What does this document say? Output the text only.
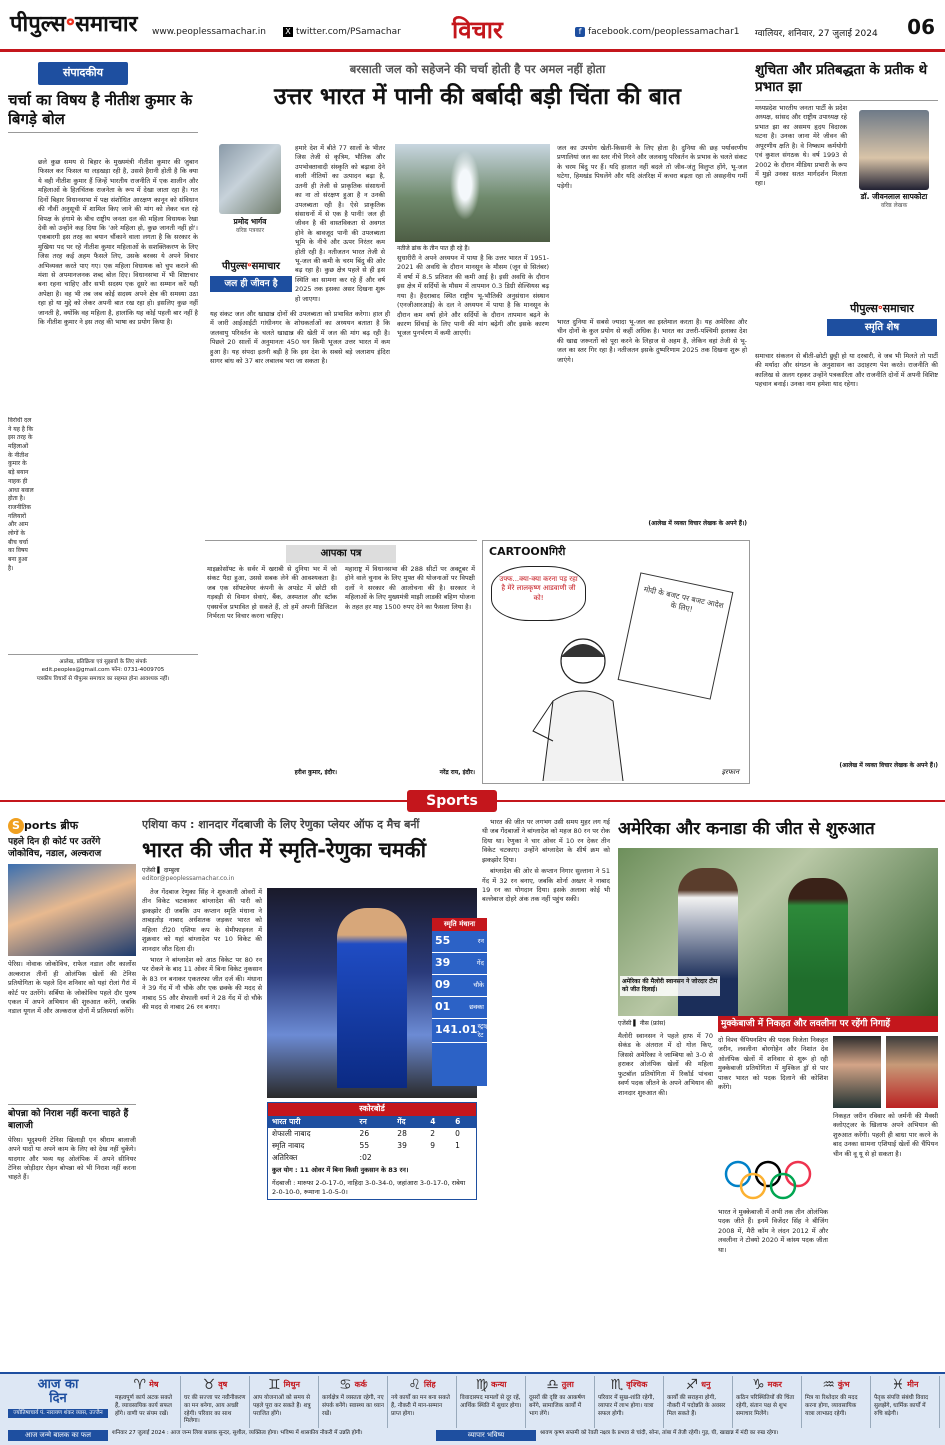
पीपुल्स॰समाचार www.peoplessamachar.in X twitter.com/PSamachar विचार	f facebook.com/peoplessamachar1 ग्वालियर, शनिवार, 27 जुलाई 2024 06
संपादकीय
चर्चा का विषय है नीतीश कुमार के बिगड़े बोल
छले कुछ समय से बिहार के मुख्यमंत्री नीतीश कुमार की जुबान फिसल कर फिसल या लड़खड़ा रही है, उससे हैरानी होती है कि क्या ये वही नीतीश कुमार हैं जिन्हें भारतीय राजनीति में एक शालीन और महिलाओं के हितचिंतक राजनेता के रूप में देखा जाता रहा है। गत दिनों बिहार विधानसभा में पक्ष संशोधित आरक्षण कानून को संविधान की नौवीं अनुसूची में शामिल किए जाने की मांग को लेकर चल रहे विपक्ष के हंगामे के बीच राष्ट्रीय जनता दल की महिला विधायक रेखा देवी को उन्होंने कह दिया कि 'अरे महिला हो, कुछ जानती नहीं हो'। एकबारगी इस तरह का बयान चौंकाने वाला लगता है कि सरकार के मुखिया पद पर रहे नीतीश कुमार महिलाओं के सशक्तिकरण के लिए जिस तरह कई अहम फैसले लिए, उसके बरक्स ये अपने विचार अभिव्यक्त करते पाए गए। एक महिला विधायक को चुप कराने की मंशा से अपमानजनक शब्द बोल दिए। विधानसभा में भी शिष्टाचार बना रहना चाहिए और सभी सदस्य एक दूसरे का सम्मान करें यही अपेक्षा है। वह भी तब जब कोई सदस्य अपने क्षेत्र की समस्या उठा रहा हो या मुद्दे को लेकर अपनी बात रख रहा हो। इसलिए कुछ नहीं जानती है, क्योंकि वह महिला है, हालांकि यह कोई पहली बार नहीं है कि नीतीश कुमार ने इस तरह की भाषा का प्रयोग किया है।
विरोधी दल ने यह है कि इस तरह के महिलाओं के नीतीश कुमार के बड़े बयान नाहक ही आधा बवाल होता है। राजनीतिक गलियारों और आम लोगों के बीच चर्चा का विषय बना हुआ है।
आलेख, प्रतिक्रिया एवं सुझावों के लिए संपर्क
edit.peoples@gmail.com फोन: 0731-4009705
पत्रकीय विचारों से पीपुल्स समाचार का सहमत होना आवश्यक नहीं।
बरसाती जल को सहेजने की चर्चा होती है पर अमल नहीं होता
उत्तर भारत में पानी की बर्बादी बड़ी चिंता की बात
प्रमोद भार्गव
वरिष्ठ पत्रकार
हमारे देश में बीते 77 सालों के भीतर जिस तेजी से कृत्रिम, भौतिक और उपभोक्तावादी संस्कृति को बढ़ावा देने वाली नीतियों का उत्पादन बढ़ा है, उतनी ही तेजी से प्राकृतिक संसाधनों का ना तो संरक्षण हुआ है न उनकी उपलब्धता रही है। ऐसे प्राकृतिक संसाधनों में से एक है पानी! जल ही जीवन है की वास्तविकता से अवगत होने के बावजूद पानी की उपलब्धता भूमि के नीचे और ऊपर निरंतर कम होती रही है। नतीजतन भारत तेजी से भू-जल की कमी के चरम बिंदु की ओर बढ़ रहा है। कुछ क्षेत्र पहले से ही इस स्थिति का सामना कर रहे हैं और वर्ष 2025 तक इसका असर दिखना शुरू हो जाएगा।
नतीजे ढांक के तीन पात ही रहे हैं।
पीपुल्स॰समाचार
जल ही जीवन है
यह संकट जल और खाद्यान्न दोनों की उपलब्धता को प्रभावित करेगा। हाल ही में जारी आईआईटी गांधीनगर के शोधकर्ताओं का अध्ययन बताता है कि जलवायु परिवर्तन के चलते खाद्यान्न की खेती में जल की मांग बढ़ रही है। पिछले 20 सालों में अनुमानतः 450 घन किमी भूजल उत्तर भारत में कम हुआ है। यह संपदा इतनी बड़ी है कि इस देश के सबसे बड़े जलाशय इंदिरा सागर बांध को 37 बार लबालब भरा जा सकता है।
सुधारीरी ने अपने अध्ययन में पाया है कि उत्तर भारत में 1951-2021 की अवधि के दौरान मानसून के मौसम (जून से सितंबर) में वर्षा में 8.5 प्रतिशत की कमी आई है। इसी अवधि के दौरान इस क्षेत्र में सर्दियों के मौसम में तापमान 0.3 डिग्री सेल्सियस बढ़ गया है। हैदराबाद स्थित राष्ट्रीय भू-भौतिकी अनुसंधान संस्थान (एनजीआरआई) के दल ने अध्ययन में पाया है कि मानसून के दौरान कम वर्षा होने और सर्दियों के दौरान तापमान बढ़ने के कारण सिंचाई के लिए पानी की मांग बढ़ेगी और इसके कारण भूजल पुनर्भरण में कमी आएगी।
जल का उपयोग खेती-किसानी के लिए होता है। दुनिया की छह पर्यावरणीय प्रणालियां जल का स्तर नीचे गिरने और जलवायु परिवर्तन के प्रभाव के चलते संकट के चरम बिंदु पर हैं। यदि हालात नहीं बदले तो जीव-जंतु विलुप्त होंगे, भू-जल घटेगा, हिमखंड पिघलेंगे और यदि अंतरिक्ष में कचरा बढ़ता रहा तो असहनीय गर्मी पड़ेगी।
भारत दुनिया में सबसे ज्यादा भू-जल का इस्तेमाल करता है। यह अमेरिका और चीन दोनों के कुल प्रयोग से कहीं अधिक है। भारत का उत्तरी-पश्चिमी इलाका देश की खाद्य जरूरतों को पूरा करने के लिहाज से अहम है, लेकिन वहां तेजी से भू-जल का स्तर गिर रहा है। नतीजतन इसके दुष्परिणाम 2025 तक दिखना शुरू हो जाएंगे।
(आलेख में व्यक्त विचार लेखक के अपने हैं।)
आपका पत्र
माइक्रोसॉफ्ट के सर्वर में खराबी से दुनिया भर में जो संकट पैदा हुआ, उससे सबक लेने की आवश्यकता है। जब एक सॉफ्टवेयर कंपनी के अपडेट में छोटी सी गड़बड़ी से विमान सेवाएं, बैंक, अस्पताल और स्टॉक एक्सचेंज प्रभावित हो सकते हैं, तो हमें अपनी डिजिटल निर्भरता पर विचार करना चाहिए।
हरीश कुमार, इंदौर।
महाराष्ट्र में विधानसभा की 288 सीटों पर अक्टूबर में होने वाले चुनाव के लिए मुफ्त की योजनाओं पर विपक्षी दलों ने सरकार की आलोचना की है। सरकार ने महिलाओं के लिए मुख्यमंत्री माझी लाडकी बहिण योजना के तहत हर माह 1500 रुपए देने का फैसला लिया है।
नरेंद्र राय, इंदौर।
CARTOONगिरी
उफ्फ...क्या-क्या करना पड़ रहा है मेरे लालकृष्ण आडवाणी जी को!	मोदी के बजट पर बजट आदेश के लिए!
इरफान
शुचिता और प्रतिबद्धता के प्रतीक थे प्रभात झा
मध्यप्रदेश भारतीय जनता पार्टी के प्रदेश अध्यक्ष, सांसद और राष्ट्रीय उपाध्यक्ष रहे प्रभात झा का असमय हृदय विदारक घटना है। उनका जाना मेरे जीवन की अपूरणीय क्षति है। वे निष्काम कर्मयोगी एवं कुशल संगठक थे। वर्ष 1993 से 2002 के दौरान मीडिया प्रभारी के रूप में मुझे उनका सतत मार्गदर्शन मिलता रहा।
डॉ. जीवनलाल सापकोटा
वरिष्ठ लेखक
पीपुल्स॰समाचार
स्मृति शेष
समाचार संकलन से बीती-छोटी छुट्टी हो या दरबारी, वे जब भी मिलते तो पार्टी की मर्यादा और संगठन के अनुशासन का उदाहरण पेश करते। राजनीति की कालिख से अलग रहकर उन्होंने पत्रकारिता और राजनीति दोनों में अपनी विशिष्ट पहचान बनाई। उनका नाम हमेशा याद रहेगा।
(आलेख में व्यक्त विचार लेखक के अपने हैं।)
Sports
S ports ब्रीफ
पहले दिन ही कोर्ट पर उतरेंगे जोकोविच, नडाल, अल्कराज
पेरिस। नोवाक जोकोविच, राफेल नडाल और कार्लोस अल्कराज तीनों ही ओलंपिक खेलों की टेनिस प्रतियोगिता के पहले दिन शनिवार को यहां रोलां गैरां में कोर्ट पर उतरेंगे। सर्बिया के जोकोविच पहले दौर पुरुष एकल में अपने अभियान की शुरुआत करेंगे, जबकि नडाल यूगल में और अल्कराज दोनों में प्रतिस्पर्धा करेंगे।
बोपन्ना को निराश नहीं करना चाहते हैं बालाजी
पेरिस। भूदृश्यनी टेनिस खिलाड़ी एन श्रीराम बालाजी अपने यादों या अपने काम के लिए को देख नहीं चुकेंगे। यादगार और भव्य यह ओलंपिक में अपने सीनियर टेनिस जोड़ीदार रोहन बोपन्ना को भी निराश नहीं करना चाहते हैं।
एशिया कप : शानदार गेंदबाजी के लिए रेणुका प्लेयर ऑफ द मैच बनीं
भारत की जीत में स्मृति-रेणुका चमकीं
एजेंसी ▌ दाम्बुला
editor@peoplessamachar.co.in

तेज गेंदबाज रेणुका सिंह ने शुरुआती ओवरों में तीन विकेट चटकाकर बांग्लादेश की पारी को झकझोर दी जबकि उप कप्तान स्मृति मंधाना ने ताबड़तोड़ नाबाद अर्धशतक जड़कर भारत को महिला टी20 एशिया कप के सेमीफाइनल में शुक्रवार को यहां बांग्लादेश पर 10 विकेट की शानदार जीत दिला दी।

भारत ने बांग्लादेश को आठ विकेट पर 80 रन पर रोकने के बाद 11 ओवर में बिना विकेट नुकसान के 83 रन बनाकर एकतरफा जीत दर्ज की। मंधाना ने 39 गेंद में नौ चौके और एक छक्के की मदद से नाबाद 55 और शेफाली वर्मा ने 28 गेंद में दो चौके की मदद से नाबाद 26 रन बनाए।

स्मृति मंधाना
55	रन
39	गेंद
09	चौके
01	छक्का
141.01 स्ट्राइक रेट

भारत की जीत पर लगभग उसी समय मुहर लग गई थी जब गेंदबाजों ने बांग्लादेश को महज 80 रन पर रोक दिया था। रेणुका ने चार ओवर में 10 रन देकर तीन विकेट चटकाए। उन्होंने बांग्लादेश के शीर्ष क्रम को झकझोर दिया।

बांग्लादेश की ओर से कप्तान निगार सुल्ताना ने 51 गेंद में 32 रन बनाए, जबकि शोर्ना अख्तर ने नाबाद 19 रन का योगदान दिया। इसके अलावा कोई भी बल्लेबाज दोहरे अंक तक नहीं पहुंच सकी।

स्कोरबोर्ड
भारत पारी	रन	गेंद	4	6
शेफाली नाबाद	26	28	2	0
स्मृति नाबाद	55	39	9	1
अतिरिक्त	:02			
कुल योग : 11 ओवर में बिना किसी नुकसान के 83 रन।
गेंदबाजी : मारुफा 2-0-17-0, नाहिदा 3-0-34-0, जहांआरा 3-0-17-0, राबेया 2-0-10-0, रूमाना 1-0-5-0।
अमेरिका और कनाडा की जीत से शुरुआत
अमेरिका की मैलोरी स्वानसन ने जोरदार टीम को जीत दिलाई।
एजेंसी ▌ नीस (फ्रांस)
मैलोरी स्वानसन ने पहले हाफ में 70 सेकंड के अंतराल में दो गोल किए, जिससे अमेरिका ने जाम्बिया को 3-0 से हराकर ओलंपिक खेलों की महिला फुटबॉल प्रतियोगिता में रिकॉर्ड पांचवा स्वर्ण पदक जीतने के अपने अभियान की शानदार शुरुआत की।
मुक्केबाजी में निकहत और लवलीना पर रहेंगी निगाहें
दो विश्व चैंपियनशिप की पदक विजेता निकहत जरीन, लवलीना बोरगोहेन और निशांत देव ओलंपिक खेलों में शनिवार से शुरू हो रही मुक्केबाजी प्रतियोगिता में मुश्किल ड्रॉ से पार पाकर भारत को पदक दिलाने की कोशिश करेंगे।
भारत ने मुक्केबाजी में अभी तक तीन ओलंपिक पदक जीते हैं। इनमें विजेंदर सिंह ने बीजिंग 2008 में, मैरी कॉम ने लंदन 2012 में और लवलीना ने टोक्यो 2020 में कांस्य पदक जीता था।
निकहत जरीन रविवार को जर्मनी की मैक्सी क्लोएट्जर के खिलाफ अपने अभियान की शुरुआत करेंगी। पहली ही बाधा पार करने के बाद उनका सामना एशियाई खेलों की चैंपियन चीन की वू यू से हो सकता है।
आज का
दिन
ज्योतिषाचार्य पं. नारायण शंकर व्यास, उज्जैन
♈ मेष
महत्वपूर्ण कार्य अटक सकते हैं, व्यावसायिक कार्य सफल होंगे। वाणी पर संयम रखें।
♉ वृष
घर की सज्जा पर नवीनीकरण का मन बनेगा, आय अच्छी रहेगी। परिवार का साथ मिलेगा।
♊ मिथुन
आप योजनाओं को समय से पहले पूरा कर सकते हैं। शत्रु पराजित होंगे।
♋ कर्क
कार्यक्षेत्र में व्यस्तता रहेगी, नए संपर्क बनेंगे। स्वास्थ्य का ध्यान रखें।
♌ सिंह
नये कार्यों का मन बना सकते हैं, नौकरी में मान-सम्मान प्राप्त होगा।
♍ कन्या
विवादास्पद मामलों से दूर रहें, आर्थिक स्थिति में सुधार होगा।
♎ तुला
दूसरों की दृष्टि का आकर्षण बनेंगे, सामाजिक कार्यों में भाग लेंगे।
♏ वृश्चिक
परिवार में सुख-शांति रहेगी, व्यापार में लाभ होगा। यात्रा सफल होगी।
♐ धनु
कार्यों की सराहना होगी, नौकरी में पदोन्नति के अवसर मिल सकते हैं।
♑ मकर
कठिन परिस्थितियों की चिंता रहेगी, संतान पक्ष से शुभ समाचार मिलेंगे।
♒ कुंभ
मित्र या रिश्तेदार की मदद करना होगा, व्यावसायिक यात्रा लाभप्रद रहेगी।
♓ मीन
पैतृक संपत्ति संबंधी विवाद सुलझेंगे, धार्मिक कार्यों में रुचि बढ़ेगी।
आज जन्मे बालक का फल	शनिवार 27 जुलाई 2024 : आज जन्म लिया बालक सुन्दर, सुशील, व्यक्तित्व होगा। भविष्य में शासकीय नौकरी में उन्नति होगी।	व्यापार भविष्य	श्रावण कृष्ण सप्तमी को रेवती नक्षत्र के प्रभाव से चांदी, सोना, तांबा में तेजी रहेगी। गुड़, घी, खाद्यान्न में मंदी का रुख रहेगा।
